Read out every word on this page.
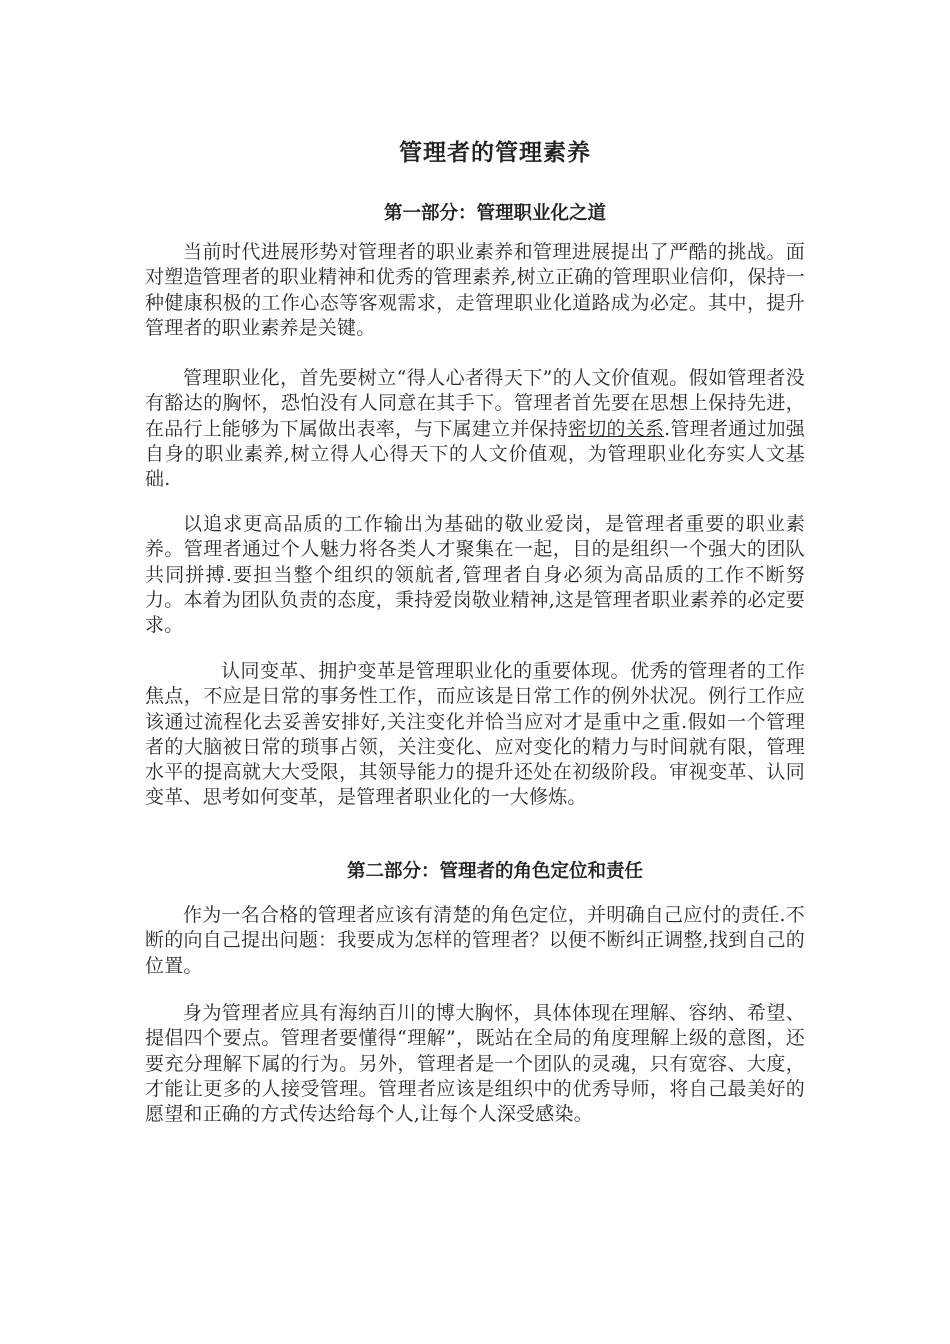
管理者的管理素养
第一部分：管理职业化之道

当前时代进展形势对管理者的职业素养和管理进展提出了严酷的挑战。面对塑造管理者的职业精神和优秀的管理素养,树立正确的管理职业信仰，保持一种健康积极的工作心态等客观需求，走管理职业化道路成为必定。其中，提升管理者的职业素养是关键。

管理职业化，首先要树立“得人心者得天下”的人文价值观。假如管理者没有豁达的胸怀，恐怕没有人同意在其手下。管理者首先要在思想上保持先进，在品行上能够为下属做出表率，与下属建立并保持密切的关系.管理者通过加强自身的职业素养,树立得人心得天下的人文价值观，为管理职业化夯实人文基础.

以追求更高品质的工作输出为基础的敬业爱岗，是管理者重要的职业素养。管理者通过个人魅力将各类人才聚集在一起，目的是组织一个强大的团队共同拼搏.要担当整个组织的领航者,管理者自身必须为高品质的工作不断努力。本着为团队负责的态度，秉持爱岗敬业精神,这是管理者职业素养的必定要求。

认同变革、拥护变革是管理职业化的重要体现。优秀的管理者的工作焦点，不应是日常的事务性工作，而应该是日常工作的例外状况。例行工作应该通过流程化去妥善安排好,关注变化并恰当应对才是重中之重.假如一个管理者的大脑被日常的琐事占领，关注变化、应对变化的精力与时间就有限，管理水平的提高就大大受限，其领导能力的提升还处在初级阶段。审视变革、认同变革、思考如何变革，是管理者职业化的一大修炼。

第二部分：管理者的角色定位和责任

作为一名合格的管理者应该有清楚的角色定位，并明确自己应付的责任.不断的向自己提出问题：我要成为怎样的管理者？以便不断纠正调整,找到自己的位置。

身为管理者应具有海纳百川的博大胸怀，具体体现在理解、容纳、希望、提倡四个要点。管理者要懂得“理解”，既站在全局的角度理解上级的意图，还要充分理解下属的行为。另外，管理者是一个团队的灵魂，只有宽容、大度，才能让更多的人接受管理。管理者应该是组织中的优秀导师，将自己最美好的愿望和正确的方式传达给每个人,让每个人深受感染。
